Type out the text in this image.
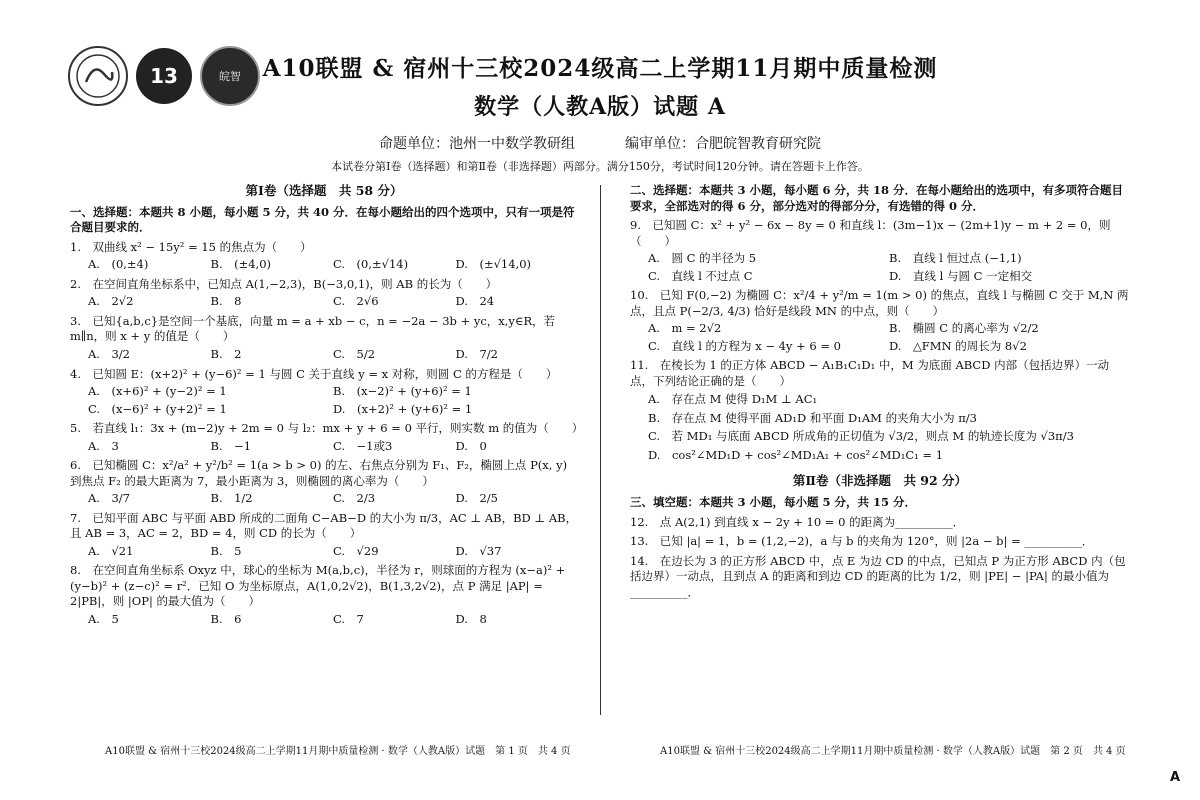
13	皖智 A10联盟 & 宿州十三校2024级高二上学期11月期中质量检测
数学（人教A版）试题 A
命题单位：池州一中数学教研组	编审单位：合肥皖智教育研究院
本试卷分第Ⅰ卷（选择题）和第Ⅱ卷（非选择题）两部分。满分150分，考试时间120分钟。请在答题卡上作答。
第Ⅰ卷（选择题　共 58 分）
一、选择题：本题共 8 小题，每小题 5 分，共 40 分．在每小题给出的四个选项中，只有一项是符合题目要求的．
1.　双曲线 x² − 15y² = 15 的焦点为（　　）
A.　(0,±4)	B.　(±4,0)	C.　(0,±√14)	D.　(±√14,0)
2.　在空间直角坐标系中，已知点 A(1,−2,3)，B(−3,0,1)，则 AB 的长为（　　）
A.　2√2	B.　8	C.　2√6	D.　24
3.　已知{a,b,c}是空间一个基底，向量 m = a + xb − c，n = −2a − 3b + yc，x,y∈R，若 m∥n，则 x + y 的值是（　　）
A.　3/2	B.　2	C.　5/2	D.　7/2
4.　已知圆 E：(x+2)² + (y−6)² = 1 与圆 C 关于直线 y = x 对称，则圆 C 的方程是（　　）
A.　(x+6)² + (y−2)² = 1	B.　(x−2)² + (y+6)² = 1
C.　(x−6)² + (y+2)² = 1	D.　(x+2)² + (y+6)² = 1
5.　若直线 l₁：3x + (m−2)y + 2m = 0 与 l₂：mx + y + 6 = 0 平行，则实数 m 的值为（　　）
A.　3	B.　−1	C.　−1或3	D.　0
6.　已知椭圆 C：x²/a² + y²/b² = 1(a > b > 0) 的左、右焦点分别为 F₁、F₂，椭圆上点 P(x, y) 到焦点 F₂ 的最大距离为 7，最小距离为 3，则椭圆的离心率为（　　）
A.　3/7	B.　1/2	C.　2/3	D.　2/5
7.　已知平面 ABC 与平面 ABD 所成的二面角 C−AB−D 的大小为 π/3，AC ⊥ AB，BD ⊥ AB，且 AB = 3，AC = 2，BD = 4，则 CD 的长为（　　）
A.　√21	B.　5	C.　√29	D.　√37
8.　在空间直角坐标系 Oxyz 中，球心的坐标为 M(a,b,c)，半径为 r，则球面的方程为 (x−a)² + (y−b)² + (z−c)² = r²．已知 O 为坐标原点，A(1,0,2√2)，B(1,3,2√2)，点 P 满足 |AP| = 2|PB|，则 |OP| 的最大值为（　　）
A.　5	B.　6	C.　7	D.　8
二、选择题：本题共 3 小题，每小题 6 分，共 18 分．在每小题给出的选项中，有多项符合题目要求，全部选对的得 6 分，部分选对的得部分分，有选错的得 0 分．
9.　已知圆 C：x² + y² − 6x − 8y = 0 和直线 l：(3m−1)x − (2m+1)y − m + 2 = 0，则（　　）
A.　圆 C 的半径为 5	B.　直线 l 恒过点 (−1,1)
C.　直线 l 不过点 C	D.　直线 l 与圆 C 一定相交
10.　已知 F(0,−2) 为椭圆 C：x²/4 + y²/m = 1(m > 0) 的焦点，直线 l 与椭圆 C 交于 M,N 两点，且点 P(−2/3, 4/3) 恰好是线段 MN 的中点，则（　　）
A.　m = 2√2	B.　椭圆 C 的离心率为 √2/2
C.　直线 l 的方程为 x − 4y + 6 = 0	D.　△FMN 的周长为 8√2
11.　在棱长为 1 的正方体 ABCD − A₁B₁C₁D₁ 中，M 为底面 ABCD 内部（包括边界）一动点，下列结论正确的是（　　）
A.　存在点 M 使得 D₁M ⊥ AC₁
B.　存在点 M 使得平面 AD₁D 和平面 D₁AM 的夹角大小为 π/3
C.　若 MD₁ 与底面 ABCD 所成角的正切值为 √3/2，则点 M 的轨迹长度为 √3π/3
D.　cos²∠MD₁D + cos²∠MD₁A₁ + cos²∠MD₁C₁ = 1
第Ⅱ卷（非选择题　共 92 分）
三、填空题：本题共 3 小题，每小题 5 分，共 15 分．
12.　点 A(2,1) 到直线 x − 2y + 10 = 0 的距离为__________．
13.　已知 |a| = 1，b = (1,2,−2)，a 与 b 的夹角为 120°，则 |2a − b| = __________．
14.　在边长为 3 的正方形 ABCD 中，点 E 为边 CD 的中点，已知点 P 为正方形 ABCD 内（包括边界）一动点，且到点 A 的距离和到边 CD 的距离的比为 1/2，则 |PE| − |PA| 的最小值为__________．
A10联盟 & 宿州十三校2024级高二上学期11月期中质量检测 · 数学（人教A版）试题　第 1 页　共 4 页	A10联盟 & 宿州十三校2024级高二上学期11月期中质量检测 · 数学（人教A版）试题　第 2 页　共 4 页
A
